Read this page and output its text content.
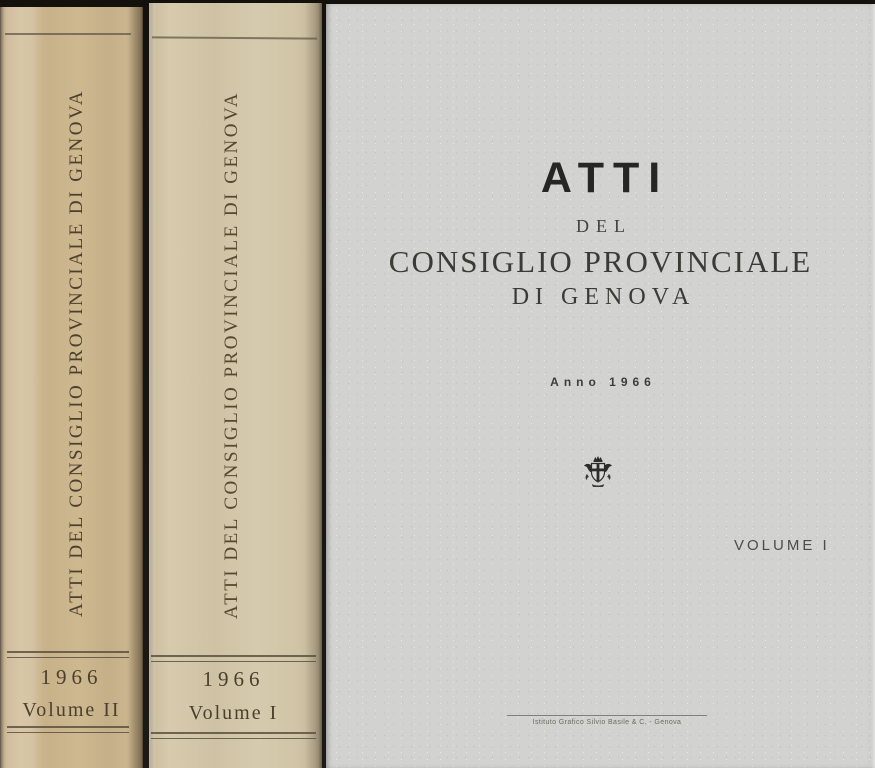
ATTI DEL CONSIGLIO PROVINCIALE DI GENOVA
1966
Volume II
ATTI DEL CONSIGLIO PROVINCIALE DI GENOVA
1966
Volume I
ATTI
DEL
CONSIGLIO PROVINCIALE
DI GENOVA
Anno 1966
VOLUME I
Istituto Grafico Silvio Basile & C. - Genova
